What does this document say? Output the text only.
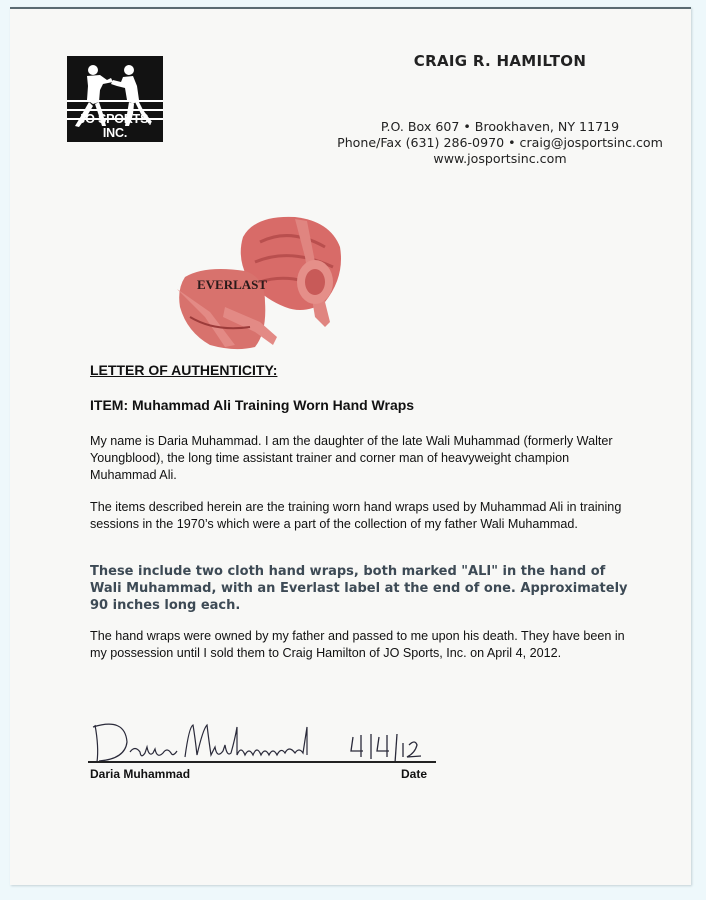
JO SPORTS, INC.
CRAIG R. HAMILTON
P.O. Box 607 • Brookhaven, NY 11719
Phone/Fax (631) 286-0970 • craig@josportsinc.com
www.josportsinc.com
EVERLAST
LETTER OF AUTHENTICITY:
ITEM: Muhammad Ali Training Worn Hand Wraps
My name is Daria Muhammad. I am the daughter of the late Wali Muhammad (formerly Walter Youngblood), the long time assistant trainer and corner man of heavyweight champion Muhammad Ali.
The items described herein are the training worn hand wraps used by Muhammad Ali in training sessions in the 1970’s which were a part of the collection of my father Wali Muhammad.
These include two cloth hand wraps, both marked "ALI" in the hand of Wali Muhammad, with an Everlast label at the end of one. Approximately 90 inches long each.
The hand wraps were owned by my father and passed to me upon his death. They have been in my possession until I sold them to Craig Hamilton of JO Sports, Inc. on April 4, 2012.
Daria Muhammad
4/4/12
Daria Muhammad	Date
